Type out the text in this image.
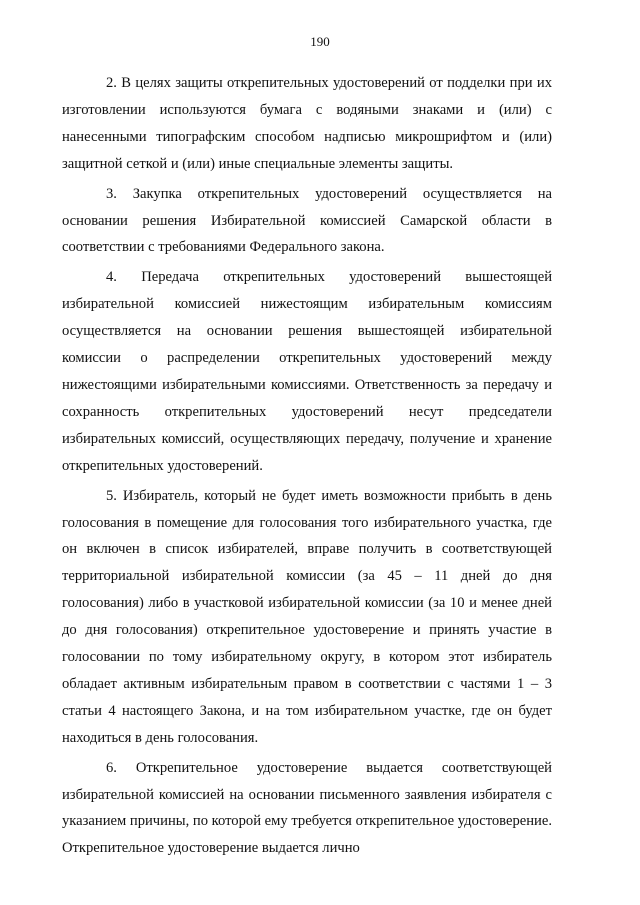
190

2. В целях защиты открепительных удостоверений от подделки при их изготовлении используются бумага с водяными знаками и (или) с нанесенными типографским способом надписью микрошрифтом и (или) защитной сеткой и (или) иные специальные элементы защиты.

3. Закупка открепительных удостоверений осуществляется на основании решения Избирательной комиссией Самарской области в соответствии с требованиями Федерального закона.

4. Передача открепительных удостоверений вышестоящей избирательной комиссией нижестоящим избирательным комиссиям осуществляется на основании решения вышестоящей избирательной комиссии о распределении открепительных удостоверений между нижестоящими избирательными комиссиями. Ответственность за передачу и сохранность открепительных удостоверений несут председатели избирательных комиссий, осуществляющих передачу, получение и хранение открепительных удостоверений.

5. Избиратель, который не будет иметь возможности прибыть в день голосования в помещение для голосования того избирательного участка, где он включен в список избирателей, вправе получить в соответствующей территориальной избирательной комиссии (за 45 – 11 дней до дня голосования) либо в участковой избирательной комиссии (за 10 и менее дней до дня голосования) открепительное удостоверение и принять участие в голосовании по тому избирательному округу, в котором этот избиратель обладает активным избирательным правом в соответствии с частями 1 – 3 статьи 4 настоящего Закона, и на том избирательном участке, где он будет находиться в день голосования.

6. Открепительное удостоверение выдается соответствующей избирательной комиссией на основании письменного заявления избирателя с указанием причины, по которой ему требуется открепительное удостоверение. Открепительное удостоверение выдается лично
